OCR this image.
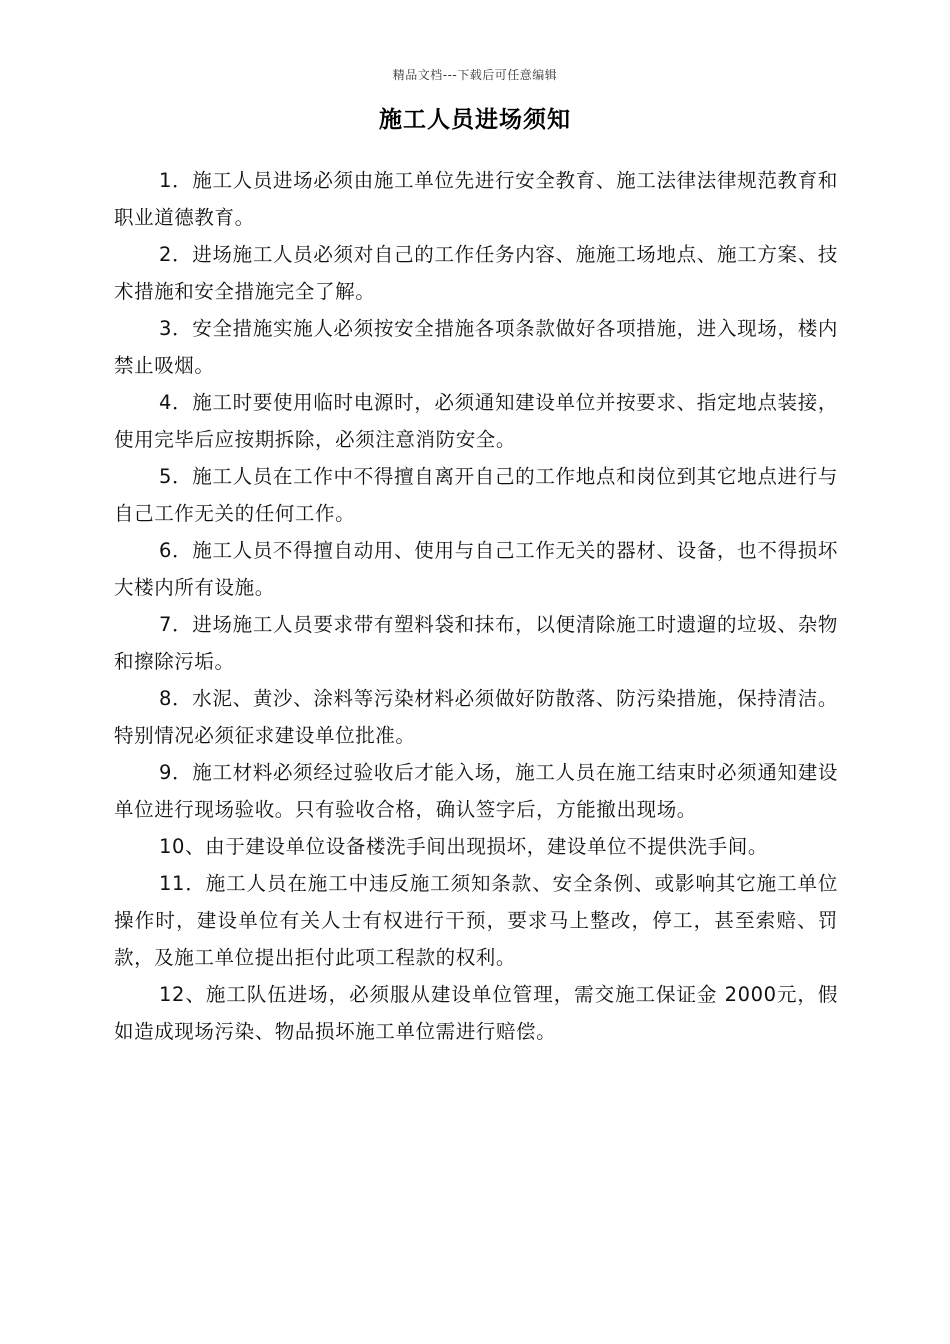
精品文档---下载后可任意编辑
施工人员进场须知

1．施工人员进场必须由施工单位先进行安全教育、施工法律法律规范教育和职业道德教育。

2．进场施工人员必须对自己的工作任务内容、施施工场地点、施工方案、技术措施和安全措施完全了解。

3．安全措施实施人必须按安全措施各项条款做好各项措施，进入现场，楼内禁止吸烟。

4．施工时要使用临时电源时，必须通知建设单位并按要求、指定地点装接，使用完毕后应按期拆除，必须注意消防安全。

5．施工人员在工作中不得擅自离开自己的工作地点和岗位到其它地点进行与自己工作无关的任何工作。

6．施工人员不得擅自动用、使用与自己工作无关的器材、设备，也不得损坏大楼内所有设施。

7．进场施工人员要求带有塑料袋和抹布，以便清除施工时遗遛的垃圾、杂物和擦除污垢。

8．水泥、黄沙、涂料等污染材料必须做好防散落、防污染措施，保持清洁。特别情况必须征求建设单位批准。

9．施工材料必须经过验收后才能入场，施工人员在施工结束时必须通知建设单位进行现场验收。只有验收合格，确认签字后，方能撤出现场。

10、由于建设单位设备楼洗手间出现损坏，建设单位不提供洗手间。

11．施工人员在施工中违反施工须知条款、安全条例、或影响其它施工单位操作时，建设单位有关人士有权进行干预，要求马上整改，停工，甚至索赔、罚款，及施工单位提出拒付此项工程款的权利。

12、施工队伍进场，必须服从建设单位管理，需交施工保证金 2000元，假如造成现场污染、物品损坏施工单位需进行赔偿。
